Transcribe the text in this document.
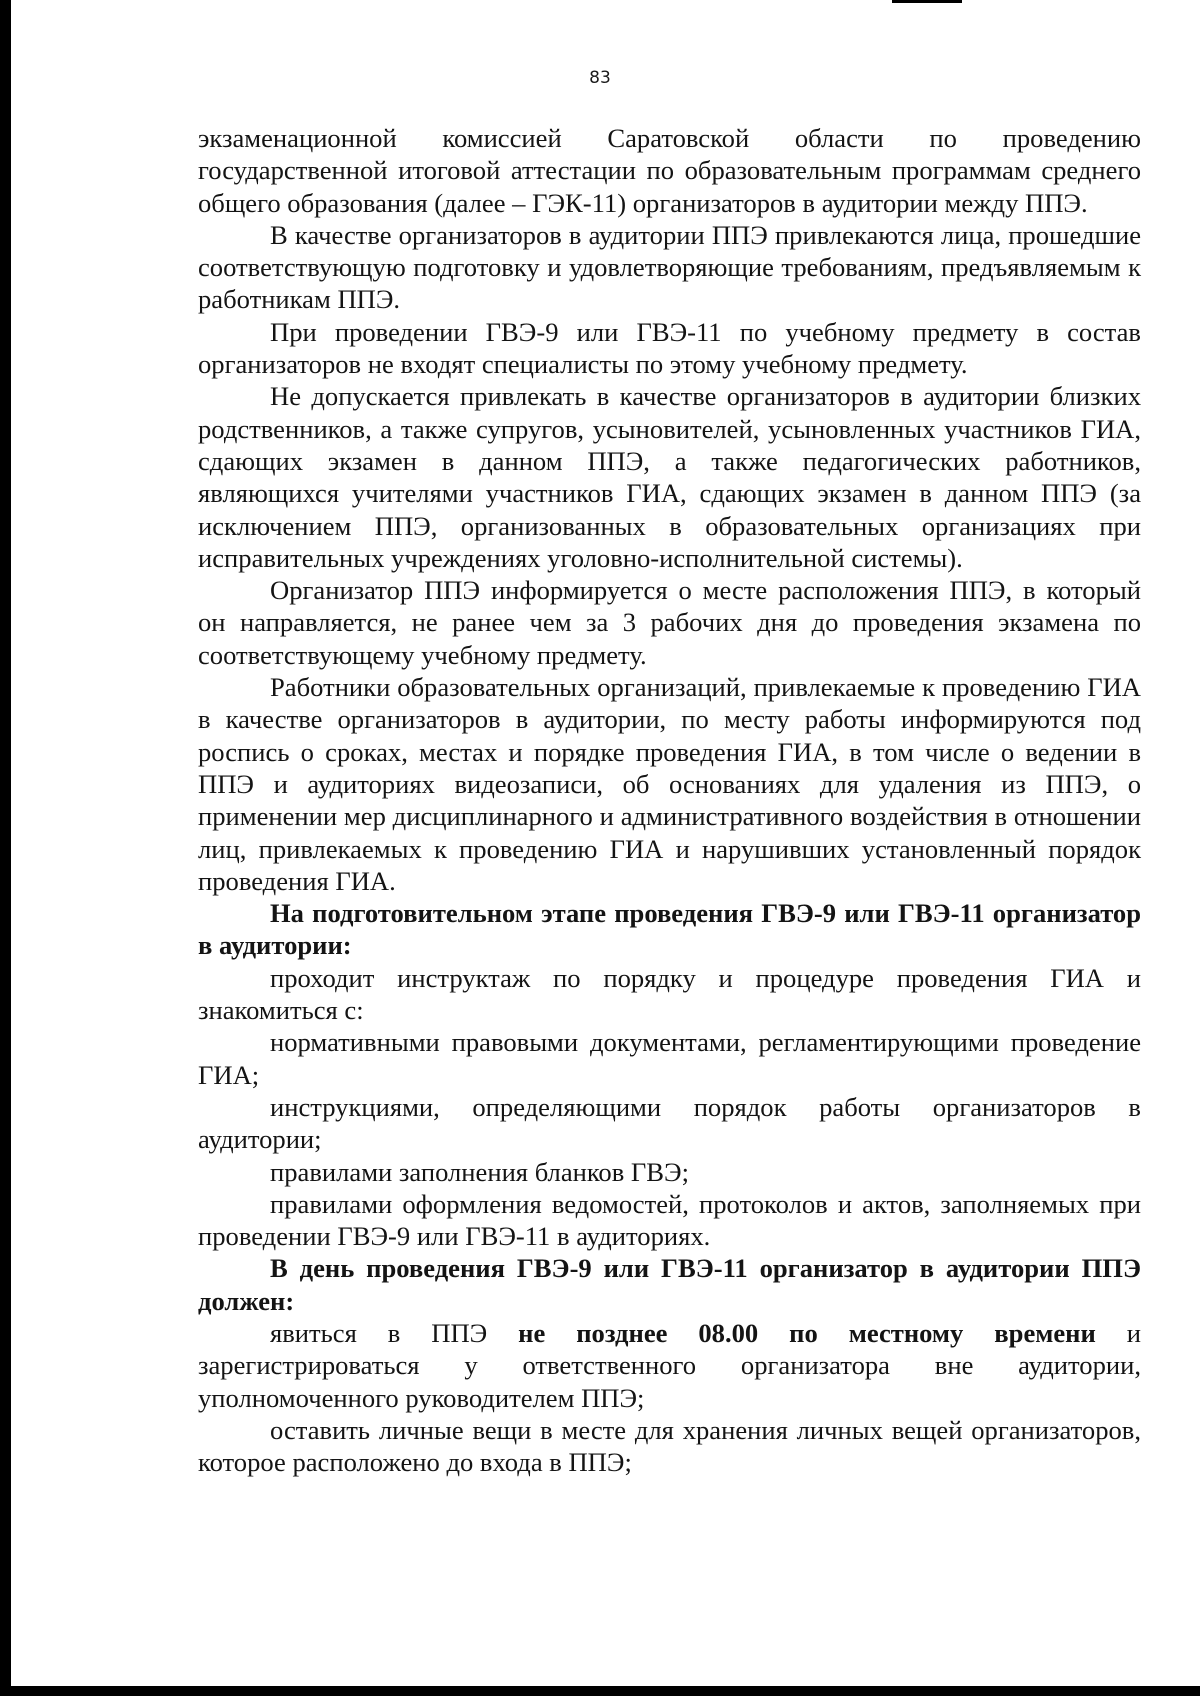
83

экзаменационной комиссией Саратовской области по проведению государственной итоговой аттестации по образовательным программам среднего общего образования (далее – ГЭК-11) организаторов в аудитории между ППЭ.

В качестве организаторов в аудитории ППЭ привлекаются лица, прошедшие соответствующую подготовку и удовлетворяющие требованиям, предъявляемым к работникам ППЭ.

При проведении ГВЭ-9 или ГВЭ-11 по учебному предмету в состав организаторов не входят специалисты по этому учебному предмету.

Не допускается привлекать в качестве организаторов в аудитории близких родственников, а также супругов, усыновителей, усыновленных участников ГИА, сдающих экзамен в данном ППЭ, а также педагогических работников, являющихся учителями участников ГИА, сдающих экзамен в данном ППЭ (за исключением ППЭ, организованных в образовательных организациях при исправительных учреждениях уголовно-исполнительной системы).

Организатор ППЭ информируется о месте расположения ППЭ, в который он направляется, не ранее чем за 3 рабочих дня до проведения экзамена по соответствующему учебному предмету.

Работники образовательных организаций, привлекаемые к проведению ГИА в качестве организаторов в аудитории, по месту работы информируются под роспись о сроках, местах и порядке проведения ГИА, в том числе о ведении в ППЭ и аудиториях видеозаписи, об основаниях для удаления из ППЭ, о применении мер дисциплинарного и административного воздействия в отношении лиц, привлекаемых к проведению ГИА и нарушивших установленный порядок проведения ГИА.

На подготовительном этапе проведения ГВЭ-9 или ГВЭ-11 организатор в аудитории:

проходит инструктаж по порядку и процедуре проведения ГИА и знакомиться с:

нормативными правовыми документами, регламентирующими проведение ГИА;

инструкциями, определяющими порядок работы организаторов в аудитории;

правилами заполнения бланков ГВЭ;

правилами оформления ведомостей, протоколов и актов, заполняемых при проведении ГВЭ-9 или ГВЭ-11 в аудиториях.

В день проведения ГВЭ-9 или ГВЭ-11 организатор в аудитории ППЭ должен:

явиться в ППЭ не позднее 08.00 по местному времени и зарегистрироваться у ответственного организатора вне аудитории, уполномоченного руководителем ППЭ;

оставить личные вещи в месте для хранения личных вещей организаторов, которое расположено до входа в ППЭ;
